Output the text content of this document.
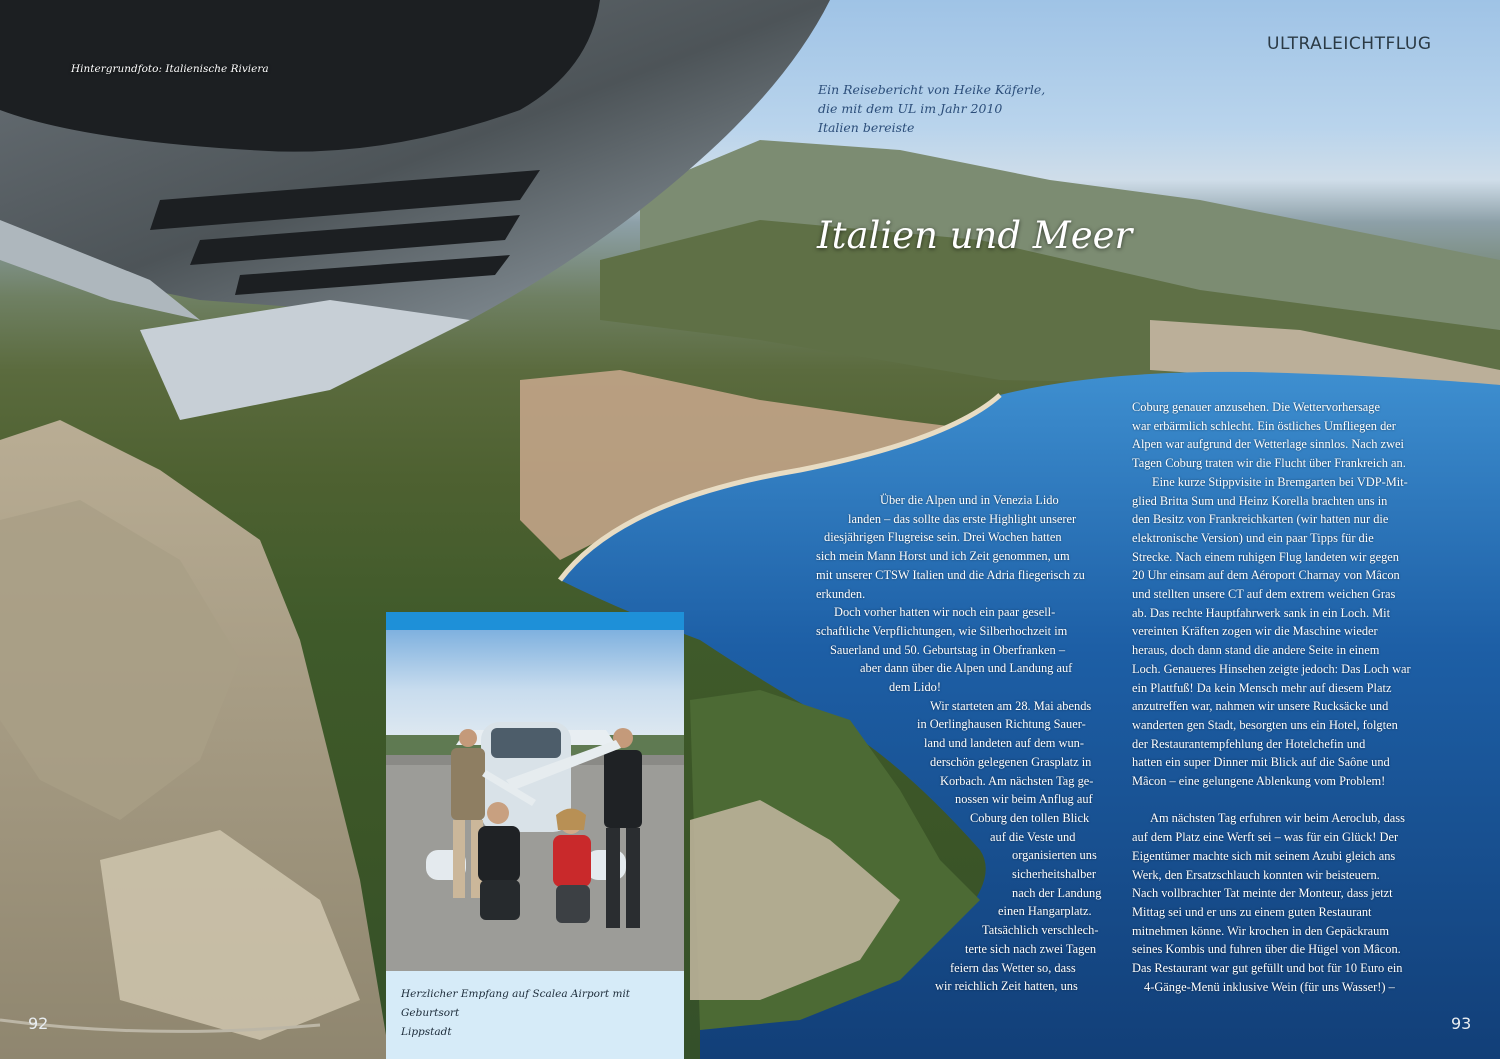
Hintergrundfoto: Italienische Riviera
ULTRALEICHTFLUG
Ein Reisebericht von Heike Käferle,
die mit dem UL im Jahr 2010
Italien bereiste
Italien und Meer
Über die Alpen und in Venezia Lido
landen – das sollte das erste Highlight unserer
diesjährigen Flugreise sein. Drei Wochen hatten
sich mein Mann Horst und ich Zeit genommen, um
mit unserer CTSW Italien und die Adria fliegerisch zu
erkunden.
Doch vorher hatten wir noch ein paar gesell-
schaftliche Verpflichtungen, wie Silberhochzeit im
Sauerland und 50. Geburtstag in Oberfranken –
aber dann über die Alpen und Landung auf
dem Lido!
Wir starteten am 28. Mai abends
in Oerlinghausen Richtung Sauer-
land und landeten auf dem wun-
derschön gelegenen Grasplatz in
Korbach. Am nächsten Tag ge-
nossen wir beim Anflug auf
Coburg den tollen Blick
auf die Veste und
organisierten uns
sicherheitshalber
nach der Landung
einen Hangarplatz.
Tatsächlich verschlech-
terte sich nach zwei Tagen
feiern das Wetter so, dass
wir reichlich Zeit hatten, uns
Coburg genauer anzusehen. Die Wettervorhersage
war erbärmlich schlecht. Ein östliches Umfliegen der
Alpen war aufgrund der Wetterlage sinnlos. Nach zwei
Tagen Coburg traten wir die Flucht über Frankreich an.
Eine kurze Stippvisite in Bremgarten bei VDP-Mit-
glied Britta Sum und Heinz Korella brachten uns in
den Besitz von Frankreichkarten (wir hatten nur die
elektronische Version) und ein paar Tipps für die
Strecke. Nach einem ruhigen Flug landeten wir gegen
20 Uhr einsam auf dem Aéroport Charnay von Mâcon
und stellten unsere CT auf dem extrem weichen Gras
ab. Das rechte Hauptfahrwerk sank in ein Loch. Mit
vereinten Kräften zogen wir die Maschine wieder
heraus, doch dann stand die andere Seite in einem
Loch. Genaueres Hinsehen zeigte jedoch: Das Loch war
ein Plattfuß! Da kein Mensch mehr auf diesem Platz
anzutreffen war, nahmen wir unsere Rucksäcke und
wanderten gen Stadt, besorgten uns ein Hotel, folgten
der Restaurantempfehlung der Hotelchefin und
hatten ein super Dinner mit Blick auf die Saône und
Mâcon – eine gelungene Ablenkung vom Problem!
Am nächsten Tag erfuhren wir beim Aeroclub, dass
auf dem Platz eine Werft sei – was für ein Glück! Der
Eigentümer machte sich mit seinem Azubi gleich ans
Werk, den Ersatzschlauch konnten wir beisteuern.
Nach vollbrachter Tat meinte der Monteur, dass jetzt
Mittag sei und er uns zu einem guten Restaurant
mitnehmen könne. Wir krochen in den Gepäckraum
seines Kombis und fuhren über die Hügel von Mâcon.
Das Restaurant war gut gefüllt und bot für 10 Euro ein
4-Gänge-Menü inklusive Wein (für uns Wasser!) –
Herzlicher Empfang auf Scalea Airport mit Geburtsort
Lippstadt
92	93
